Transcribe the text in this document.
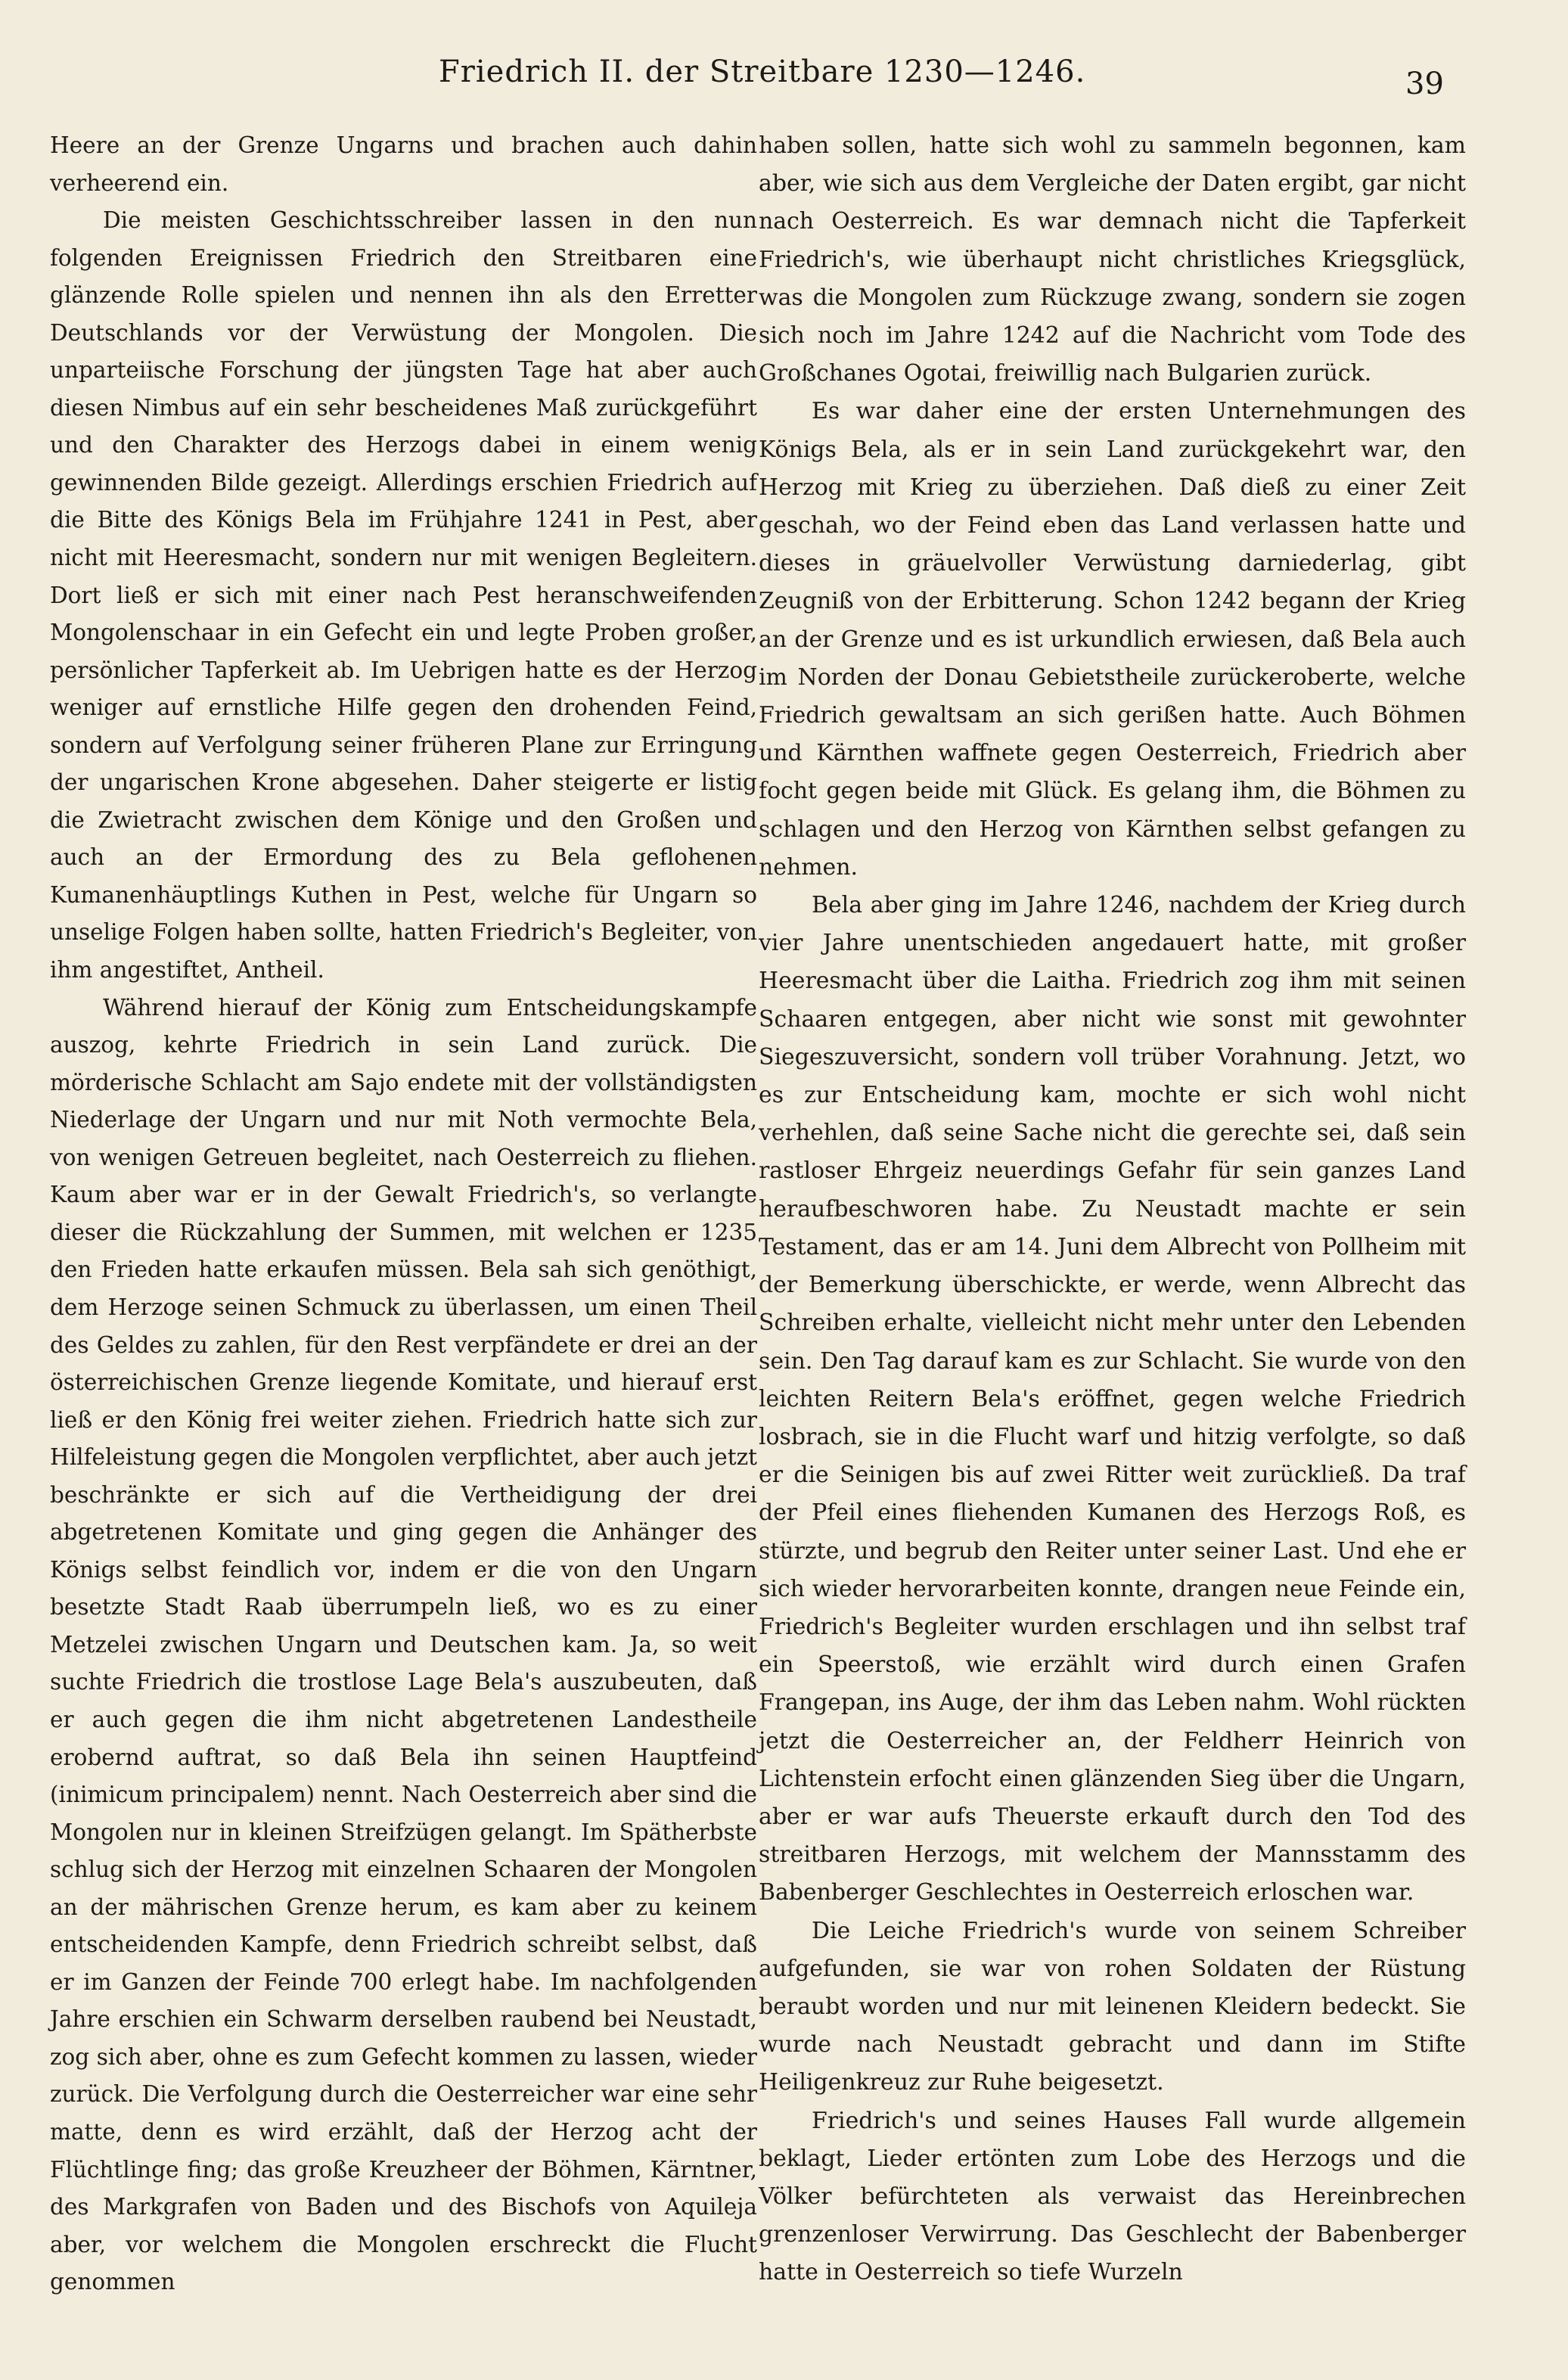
Friedrich II. der Streitbare 1230—1246.	39

Heere an der Grenze Ungarns und brachen auch dahin verheerend ein.

Die meisten Geschichtsschreiber lassen in den nun folgenden Ereignissen Friedrich den Streitbaren eine glänzende Rolle spielen und nennen ihn als den Erretter Deutschlands vor der Verwüstung der Mongolen. Die unparteiische Forschung der jüngsten Tage hat aber auch diesen Nimbus auf ein sehr bescheidenes Maß zurückgeführt und den Charakter des Herzogs dabei in einem wenig gewinnenden Bilde gezeigt. Allerdings erschien Friedrich auf die Bitte des Königs Bela im Frühjahre 1241 in Pest, aber nicht mit Heeresmacht, sondern nur mit wenigen Begleitern. Dort ließ er sich mit einer nach Pest heranschweifenden Mongolenschaar in ein Gefecht ein und legte Proben großer, persönlicher Tapferkeit ab. Im Uebrigen hatte es der Herzog weniger auf ernstliche Hilfe gegen den drohenden Feind, sondern auf Verfolgung seiner früheren Plane zur Erringung der ungarischen Krone abgesehen. Daher steigerte er listig die Zwietracht zwischen dem Könige und den Großen und auch an der Ermordung des zu Bela geflohenen Kumanenhäuptlings Kuthen in Pest, welche für Ungarn so unselige Folgen haben sollte, hatten Friedrich's Begleiter, von ihm angestiftet, Antheil.

Während hierauf der König zum Entscheidungskampfe auszog, kehrte Friedrich in sein Land zurück. Die mörderische Schlacht am Sajo endete mit der vollständigsten Niederlage der Ungarn und nur mit Noth vermochte Bela, von wenigen Getreuen begleitet, nach Oesterreich zu fliehen. Kaum aber war er in der Gewalt Friedrich's, so verlangte dieser die Rückzahlung der Summen, mit welchen er 1235 den Frieden hatte erkaufen müssen. Bela sah sich genöthigt, dem Herzoge seinen Schmuck zu überlassen, um einen Theil des Geldes zu zahlen, für den Rest verpfändete er drei an der österreichischen Grenze liegende Komitate, und hierauf erst ließ er den König frei weiter ziehen. Friedrich hatte sich zur Hilfeleistung gegen die Mongolen verpflichtet, aber auch jetzt beschränkte er sich auf die Vertheidigung der drei abgetretenen Komitate und ging gegen die Anhänger des Königs selbst feindlich vor, indem er die von den Ungarn besetzte Stadt Raab überrumpeln ließ, wo es zu einer Metzelei zwischen Ungarn und Deutschen kam. Ja, so weit suchte Friedrich die trostlose Lage Bela's auszubeuten, daß er auch gegen die ihm nicht abgetretenen Landestheile erobernd auftrat, so daß Bela ihn seinen Hauptfeind (inimicum principalem) nennt. Nach Oesterreich aber sind die Mongolen nur in kleinen Streifzügen gelangt. Im Spätherbste schlug sich der Herzog mit einzelnen Schaaren der Mongolen an der mährischen Grenze herum, es kam aber zu keinem entscheidenden Kampfe, denn Friedrich schreibt selbst, daß er im Ganzen der Feinde 700 erlegt habe. Im nachfolgenden Jahre erschien ein Schwarm derselben raubend bei Neustadt, zog sich aber, ohne es zum Gefecht kommen zu lassen, wieder zurück. Die Verfolgung durch die Oesterreicher war eine sehr matte, denn es wird erzählt, daß der Herzog acht der Flüchtlinge fing; das große Kreuzheer der Böhmen, Kärntner, des Markgrafen von Baden und des Bischofs von Aquileja aber, vor welchem die Mongolen erschreckt die Flucht genommen

haben sollen, hatte sich wohl zu sammeln begonnen, kam aber, wie sich aus dem Vergleiche der Daten ergibt, gar nicht nach Oesterreich. Es war demnach nicht die Tapferkeit Friedrich's, wie überhaupt nicht christliches Kriegsglück, was die Mongolen zum Rückzuge zwang, sondern sie zogen sich noch im Jahre 1242 auf die Nachricht vom Tode des Großchanes Ogotai, freiwillig nach Bulgarien zurück.

Es war daher eine der ersten Unternehmungen des Königs Bela, als er in sein Land zurückgekehrt war, den Herzog mit Krieg zu überziehen. Daß dieß zu einer Zeit geschah, wo der Feind eben das Land verlassen hatte und dieses in gräuelvoller Verwüstung darniederlag, gibt Zeugniß von der Erbitterung. Schon 1242 begann der Krieg an der Grenze und es ist urkundlich erwiesen, daß Bela auch im Norden der Donau Gebietstheile zurückeroberte, welche Friedrich gewaltsam an sich gerißen hatte. Auch Böhmen und Kärnthen waffnete gegen Oesterreich, Friedrich aber focht gegen beide mit Glück. Es gelang ihm, die Böhmen zu schlagen und den Herzog von Kärnthen selbst gefangen zu nehmen.

Bela aber ging im Jahre 1246, nachdem der Krieg durch vier Jahre unentschieden angedauert hatte, mit großer Heeresmacht über die Laitha. Friedrich zog ihm mit seinen Schaaren entgegen, aber nicht wie sonst mit gewohnter Siegeszuversicht, sondern voll trüber Vorahnung. Jetzt, wo es zur Entscheidung kam, mochte er sich wohl nicht verhehlen, daß seine Sache nicht die gerechte sei, daß sein rastloser Ehrgeiz neuerdings Gefahr für sein ganzes Land heraufbeschworen habe. Zu Neustadt machte er sein Testament, das er am 14. Juni dem Albrecht von Pollheim mit der Bemerkung überschickte, er werde, wenn Albrecht das Schreiben erhalte, vielleicht nicht mehr unter den Lebenden sein. Den Tag darauf kam es zur Schlacht. Sie wurde von den leichten Reitern Bela's eröffnet, gegen welche Friedrich losbrach, sie in die Flucht warf und hitzig verfolgte, so daß er die Seinigen bis auf zwei Ritter weit zurückließ. Da traf der Pfeil eines fliehenden Kumanen des Herzogs Roß, es stürzte, und begrub den Reiter unter seiner Last. Und ehe er sich wieder hervorarbeiten konnte, drangen neue Feinde ein, Friedrich's Begleiter wurden erschlagen und ihn selbst traf ein Speerstoß, wie erzählt wird durch einen Grafen Frangepan, ins Auge, der ihm das Leben nahm. Wohl rückten jetzt die Oesterreicher an, der Feldherr Heinrich von Lichtenstein erfocht einen glänzenden Sieg über die Ungarn, aber er war aufs Theuerste erkauft durch den Tod des streitbaren Herzogs, mit welchem der Mannsstamm des Babenberger Geschlechtes in Oesterreich erloschen war.

Die Leiche Friedrich's wurde von seinem Schreiber aufgefunden, sie war von rohen Soldaten der Rüstung beraubt worden und nur mit leinenen Kleidern bedeckt. Sie wurde nach Neustadt gebracht und dann im Stifte Heiligenkreuz zur Ruhe beigesetzt.

Friedrich's und seines Hauses Fall wurde allgemein beklagt, Lieder ertönten zum Lobe des Herzogs und die Völker befürchteten als verwaist das Hereinbrechen grenzenloser Verwirrung. Das Geschlecht der Babenberger hatte in Oesterreich so tiefe Wurzeln
